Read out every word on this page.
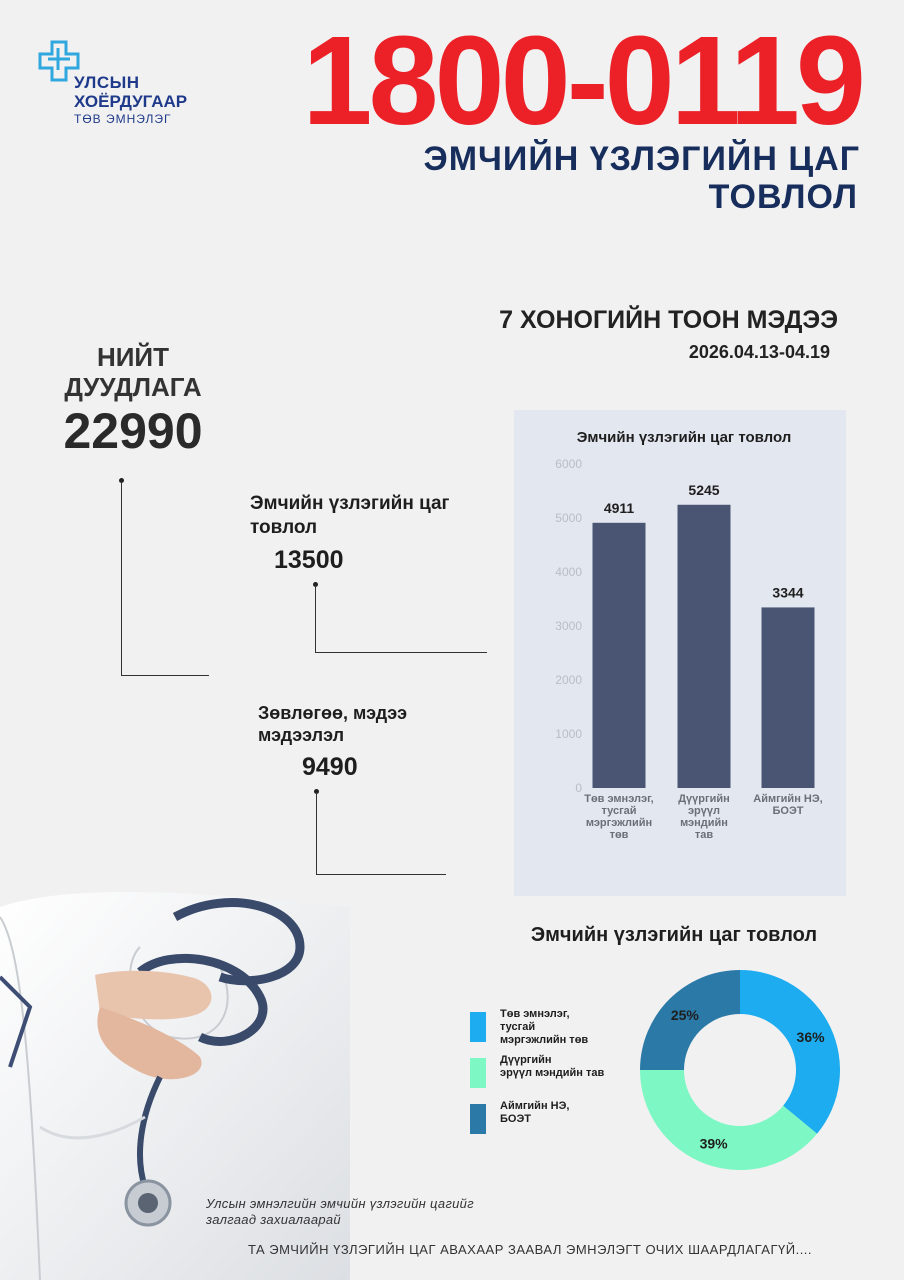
УЛСЫН
ХОЁРДУГААР
ТӨВ ЭМНЭЛЭГ	1800-0119
ЭМЧИЙН ҮЗЛЭГИЙН ЦАГ
ТОВЛОЛ
7 ХОНОГИЙН ТООН МЭДЭЭ
2026.04.13-04.19
НИЙТ ДУУДЛАГА
22990
Эмчийн үзлэгийн цаг товлол
13500
Зөвлөгөө, мэдээ мэдээлэл
9490
Эмчийн үзлэгийн цаг товлол
0
1000
2000
3000
4000
5000
6000
4911
Төв эмнэлэг, тусгай мэргэжлийн төв
5245
Дүүргийн эрүүл мэндийн тав
3344
Аймгийн НЭ, БОЭТ
Эмчийн үзлэгийн цаг товлол
Төв эмнэлэг,
тусгай
мэргэжлийн төв
Дүүргийн
эрүүл мэндийн тав
Аймгийн НЭ,
БОЭТ
36%
39%
25%
Улсын эмнэлгийн эмчийн үзлэгийн цагийг залгаад захиалаарай
ТА ЭМЧИЙН ҮЗЛЭГИЙН ЦАГ АВАХААР ЗААВАЛ ЭМНЭЛЭГТ ОЧИХ ШААРДЛАГАГҮЙ....
